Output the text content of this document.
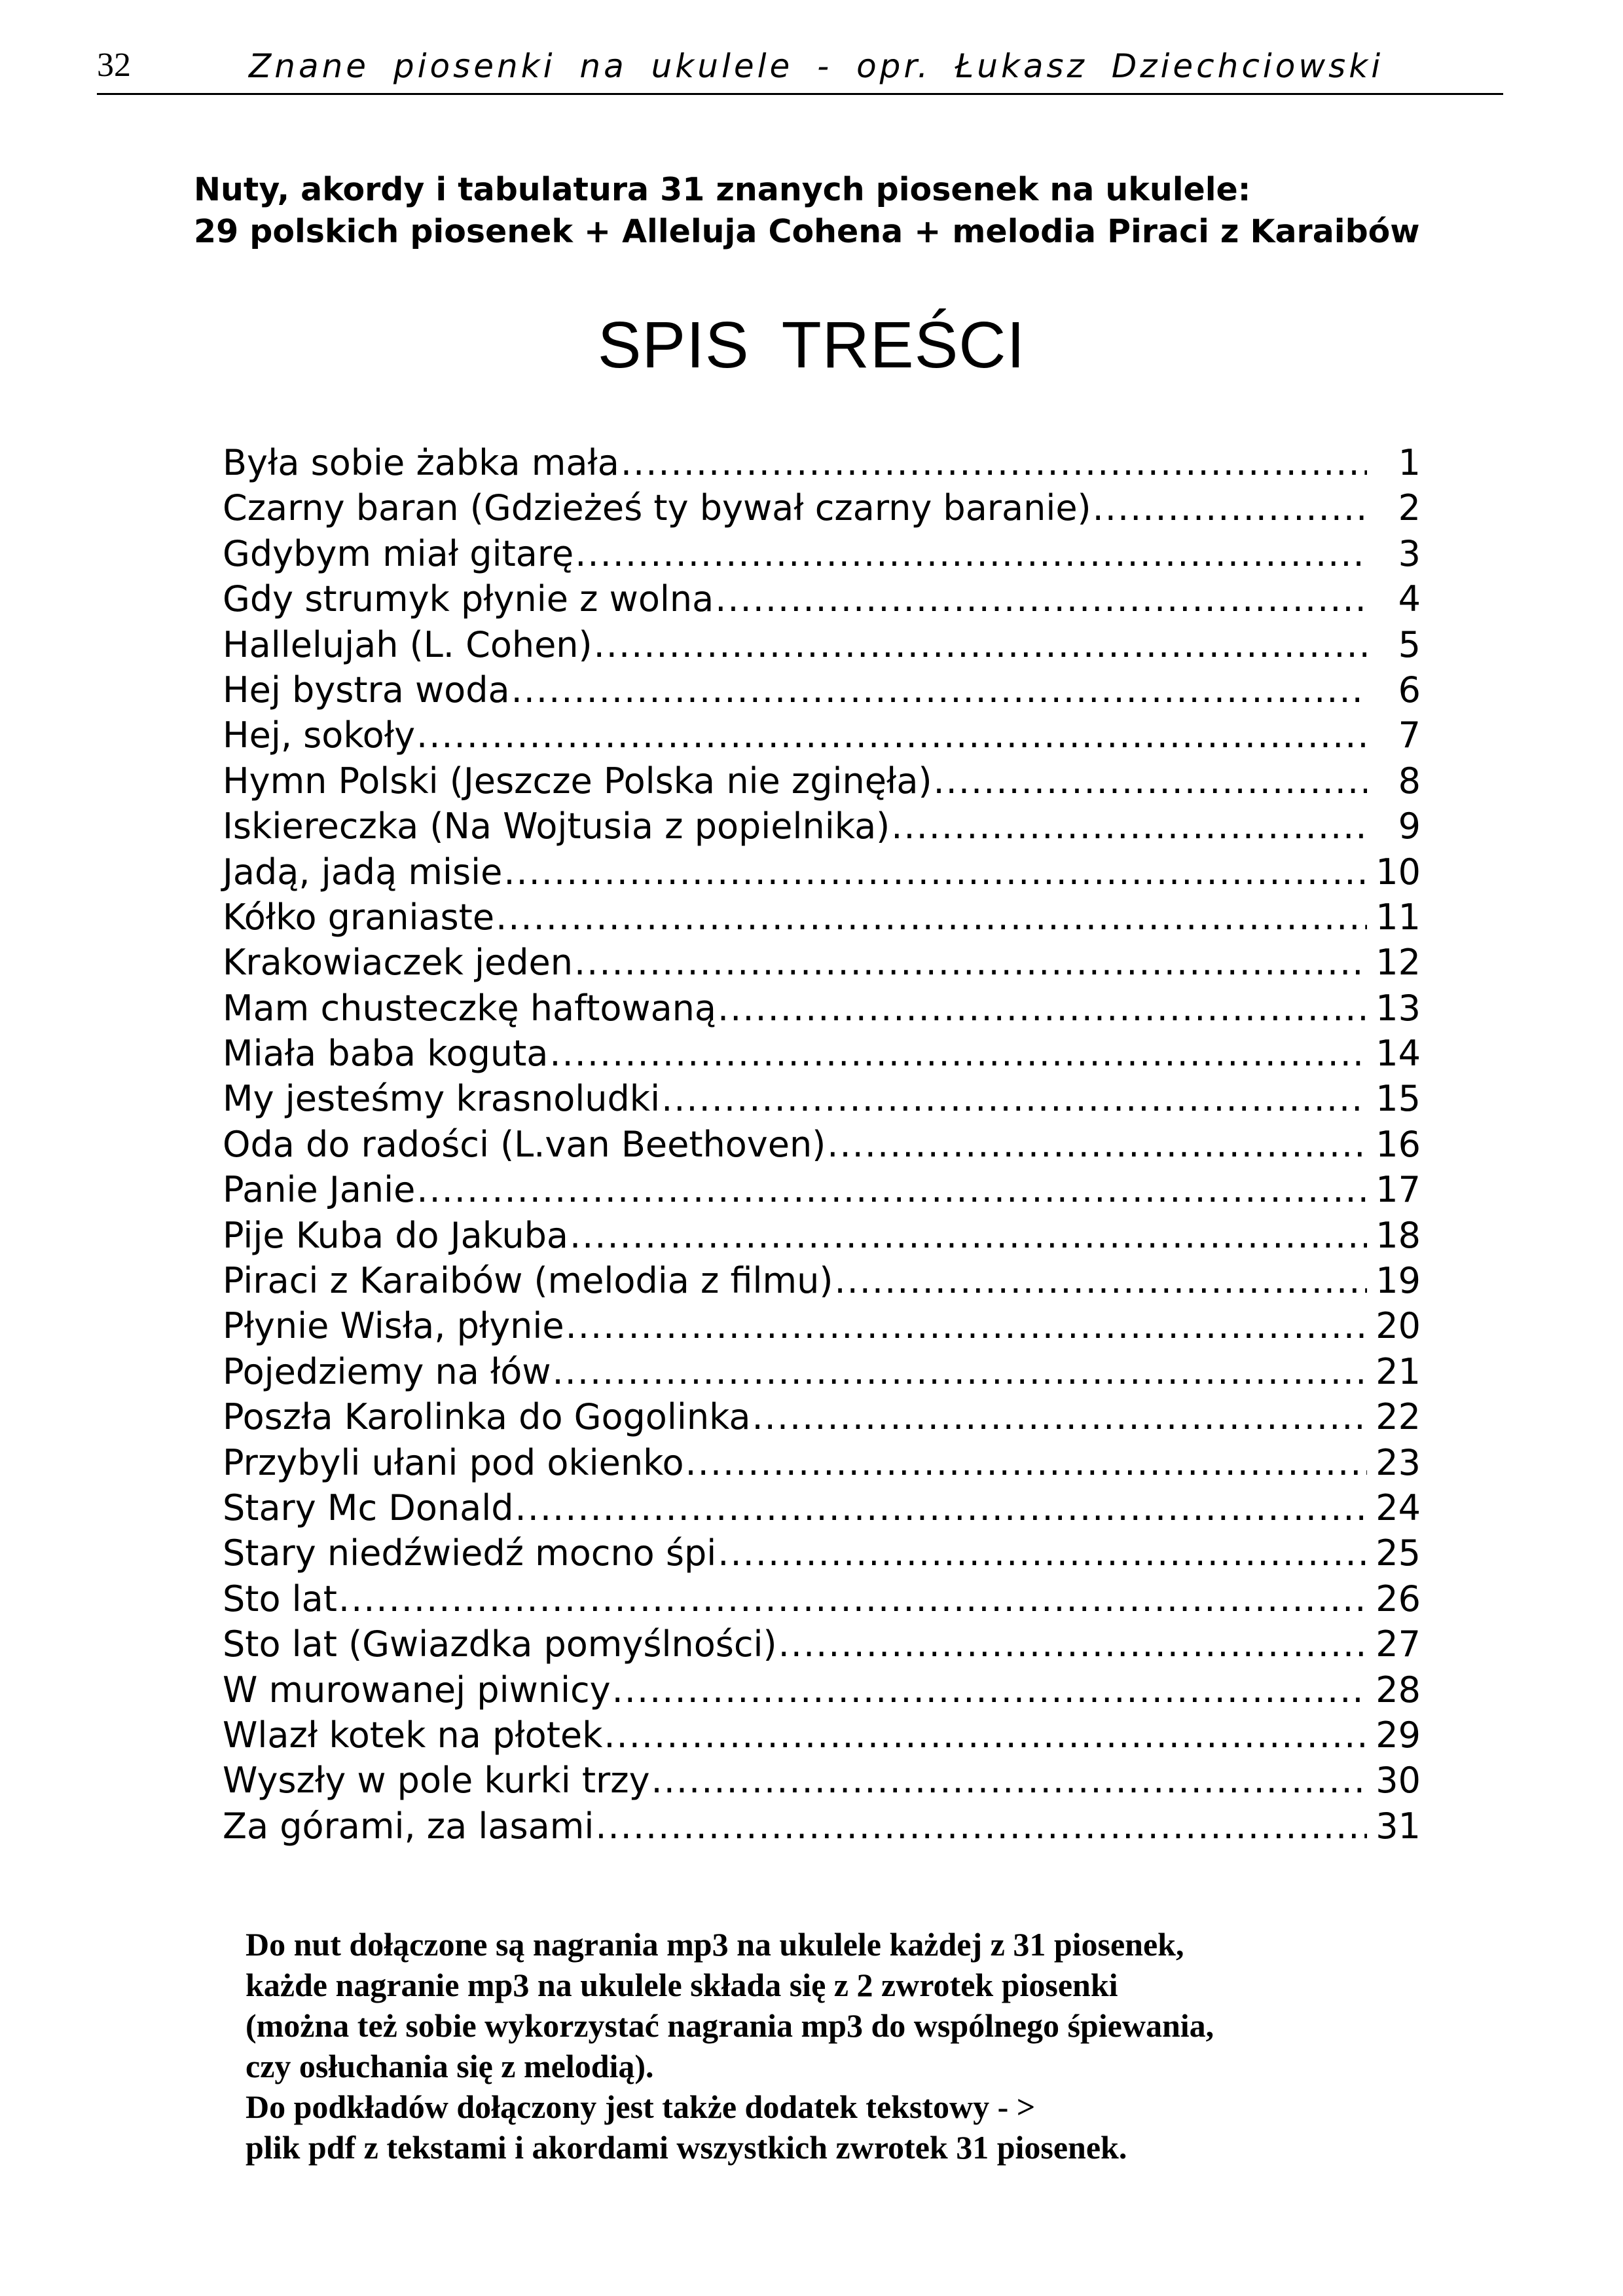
32	Znane piosenki na ukulele - opr. Łukasz Dziechciowski
Nuty, akordy i tabulatura 31 znanych piosenek na ukulele:
29 polskich piosenek + Alleluja Cohena + melodia Piraci z Karaibów
SPIS TREŚCI
Była sobie żabka mała .....	1
Czarny baran (Gdzieżeś ty bywał czarny baranie) .....	2
Gdybym miał gitarę .....	3
Gdy strumyk płynie z wolna .....	4
Hallelujah (L. Cohen) .....	5
Hej bystra woda .....	6
Hej, sokoły .....	7
Hymn Polski (Jeszcze Polska nie zginęła) .....	8
Iskiereczka (Na Wojtusia z popielnika) .....	9
Jadą, jadą misie .....	10
Kółko graniaste .....	11
Krakowiaczek jeden .....	12
Mam chusteczkę haftowaną .....	13
Miała baba koguta .....	14
My jesteśmy krasnoludki .....	15
Oda do radości (L.van Beethoven) .....	16
Panie Janie .....	17
Pije Kuba do Jakuba .....	18
Piraci z Karaibów (melodia z filmu) .....	19
Płynie Wisła, płynie .....	20
Pojedziemy na łów .....	21
Poszła Karolinka do Gogolinka .....	22
Przybyli ułani pod okienko .....	23
Stary Mc Donald .....	24
Stary niedźwiedź mocno śpi .....	25
Sto lat .....	26
Sto lat (Gwiazdka pomyślności) .....	27
W murowanej piwnicy .....	28
Wlazł kotek na płotek .....	29
Wyszły w pole kurki trzy .....	30
Za górami, za lasami .....	31
Do nut dołączone są nagrania mp3 na ukulele każdej z 31 piosenek,
każde nagranie mp3 na ukulele składa się z 2 zwrotek piosenki
(można też sobie wykorzystać nagrania mp3 do wspólnego śpiewania,
czy osłuchania się z melodią).
Do podkładów dołączony jest także dodatek tekstowy - >
plik pdf z tekstami i akordami wszystkich zwrotek 31 piosenek.
